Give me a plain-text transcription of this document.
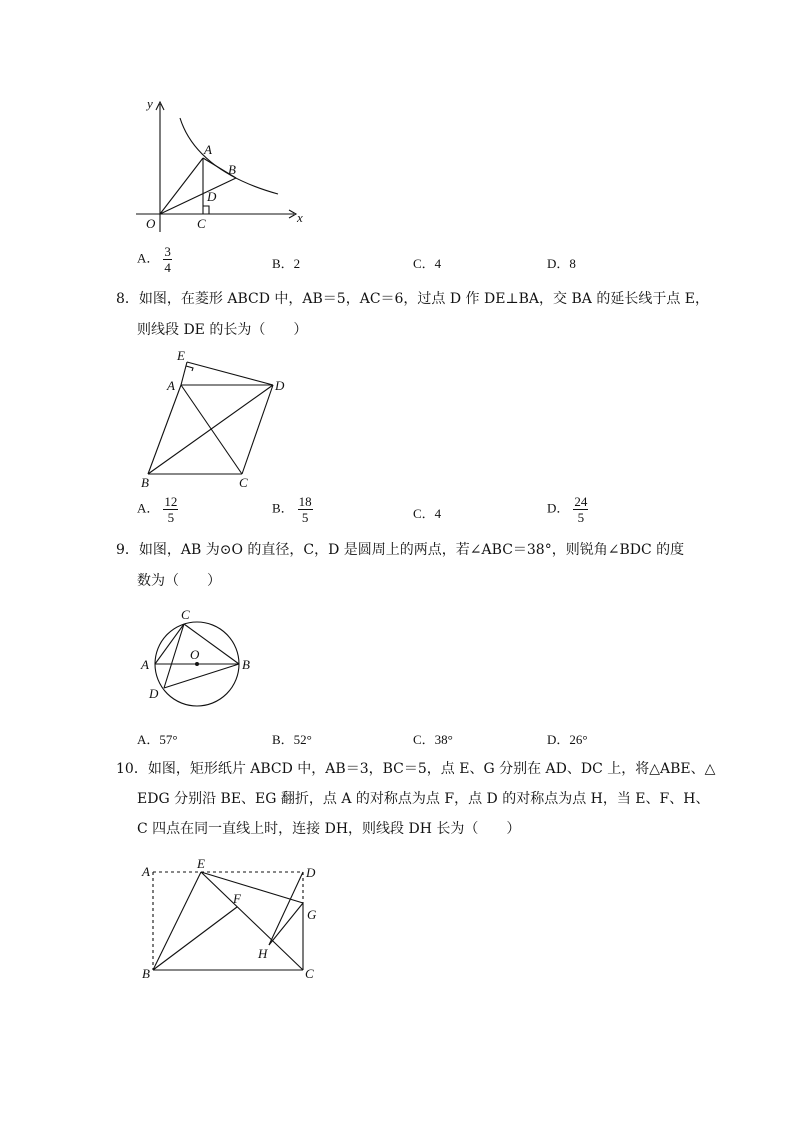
y
x
O
A
B
C
D
A． $\frac{3}{4}$	B．2	C．4	D．8
8．如图，在菱形 ABCD 中，AB＝5，AC＝6，过点 D 作 DE⊥BA，交 BA 的延长线于点 E，
则线段 DE 的长为（　　）
E
A	D
B	C
A． $\frac{12}{5}$	B． $\frac{18}{5}$	C．4	D． $\frac{24}{5}$
9．如图，AB 为⊙O 的直径，C，D 是圆周上的两点，若∠ABC＝38°，则锐角∠BDC 的度
数为（　　）
C
A
O
B
D
A．57°	B．52°	C．38°	D．26°
10．如图，矩形纸片 ABCD 中，AB＝3，BC＝5，点 E、G 分别在 AD、DC 上，将△ABE、△
EDG 分别沿 BE、EG 翻折，点 A 的对称点为点 F，点 D 的对称点为点 H，当 E、F、H、
C 四点在同一直线上时，连接 DH，则线段 DH 长为（　　）
A
E
D
F
G
H
B	C
